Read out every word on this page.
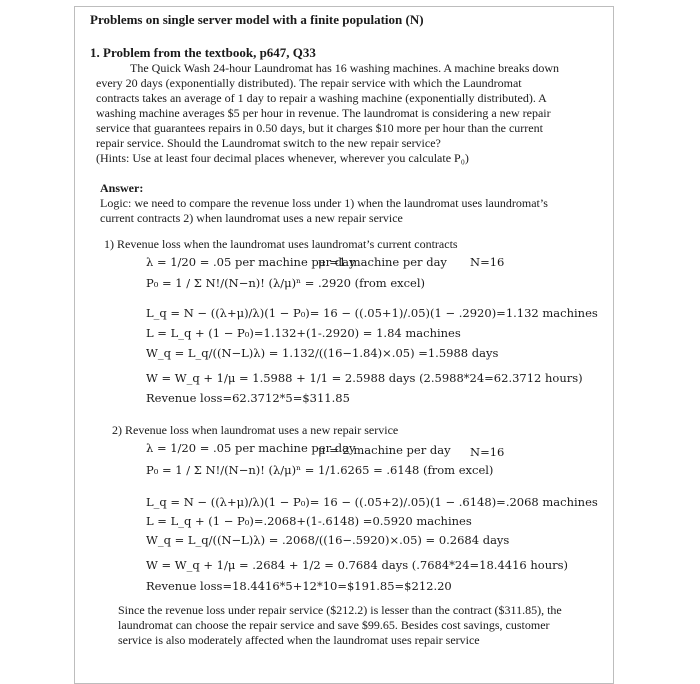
Problems on single server model with a finite population (N)
1. Problem from the textbook, p647, Q33
The Quick Wash 24-hour Laundromat has 16 washing machines. A machine breaks down
every 20 days (exponentially distributed). The repair service with which the Laundromat
contracts takes an average of 1 day to repair a washing machine (exponentially distributed). A
washing machine averages $5 per hour in revenue. The laundromat is considering a new repair
service that guarantees repairs in 0.50 days, but it charges $10 more per hour than the current
repair service. Should the Laundromat switch to the new repair service?
(Hints: Use at least four decimal places whenever, wherever you calculate P₀)
Answer:
Logic: we need to compare the revenue loss under 1) when the laundromat uses laundromat’s
current contracts 2) when laundromat uses a new repair service
1) Revenue loss when the laundromat uses laundromat’s current contracts
λ = 1/20 = .05 per machine per day
μ =1 machine per day N=16
P₀ = 1 / Σ N!/(N−n)! (λ/μ)ⁿ = .2920 (from excel)
L_q = N − ((λ+μ)/λ)(1 − P₀)= 16 − ((.05+1)/.05)(1 − .2920)=1.132 machines
L = L_q + (1 − P₀)=1.132+(1-.2920) = 1.84 machines
W_q = L_q/((N−L)λ) = 1.132/((16−1.84)×.05) =1.5988 days
W = W_q + 1/μ = 1.5988 + 1/1 = 2.5988 days (2.5988*24=62.3712 hours)
Revenue loss=62.3712*5=$311.85
2) Revenue loss when laundromat uses a new repair service
λ = 1/20 = .05 per machine per day
μ = 2 machine per day N=16
P₀ = 1 / Σ N!/(N−n)! (λ/μ)ⁿ = 1/1.6265 = .6148 (from excel)
L_q = N − ((λ+μ)/λ)(1 − P₀)= 16 − ((.05+2)/.05)(1 − .6148)=.2068 machines
L = L_q + (1 − P₀)=.2068+(1-.6148) =0.5920 machines
W_q = L_q/((N−L)λ) = .2068/((16−.5920)×.05) = 0.2684 days
W = W_q + 1/μ = .2684 + 1/2 = 0.7684 days (.7684*24=18.4416 hours)
Revenue loss=18.4416*5+12*10=$191.85=$212.20
Since the revenue loss under repair service ($212.2) is lesser than the contract ($311.85), the
laundromat can choose the repair service and save $99.65. Besides cost savings, customer
service is also moderately affected when the laundromat uses repair service
